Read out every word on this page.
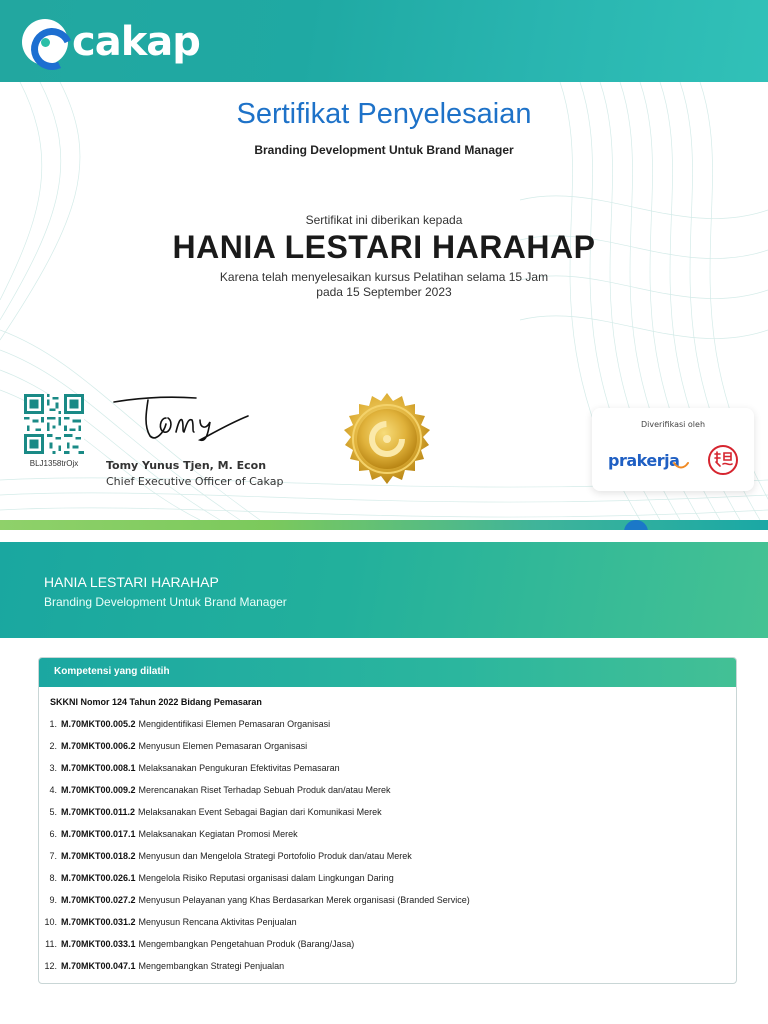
cakap
Sertifikat Penyelesaian
Branding Development Untuk Brand Manager
Sertifikat ini diberikan kepada
HANIA LESTARI HARAHAP
Karena telah menyelesaikan kursus Pelatihan selama 15 Jam
pada 15 September 2023
BLJ1358trOjx	Tomy Yunus Tjen, M. Econ
Chief Executive Officer of Cakap
Diverifikasi oleh
prakerja
HANIA LESTARI HARAHAP
Branding Development Untuk Brand Manager
Kompetensi yang dilatih
SKKNI Nomor 124 Tahun 2022 Bidang Pemasaran
1. M.70MKT00.005.2 Mengidentifikasi Elemen Pemasaran Organisasi
2. M.70MKT00.006.2 Menyusun Elemen Pemasaran Organisasi
3. M.70MKT00.008.1 Melaksanakan Pengukuran Efektivitas Pemasaran
4. M.70MKT00.009.2 Merencanakan Riset Terhadap Sebuah Produk dan/atau Merek
5. M.70MKT00.011.2 Melaksanakan Event Sebagai Bagian dari Komunikasi Merek
6. M.70MKT00.017.1 Melaksanakan Kegiatan Promosi Merek
7. M.70MKT00.018.2 Menyusun dan Mengelola Strategi Portofolio Produk dan/atau Merek
8. M.70MKT00.026.1 Mengelola Risiko Reputasi organisasi dalam Lingkungan Daring
9. M.70MKT00.027.2 Menyusun Pelayanan yang Khas Berdasarkan Merek organisasi (Branded Service)
10. M.70MKT00.031.2 Menyusun Rencana Aktivitas Penjualan
11. M.70MKT00.033.1 Mengembangkan Pengetahuan Produk (Barang/Jasa)
12. M.70MKT00.047.1 Mengembangkan Strategi Penjualan
